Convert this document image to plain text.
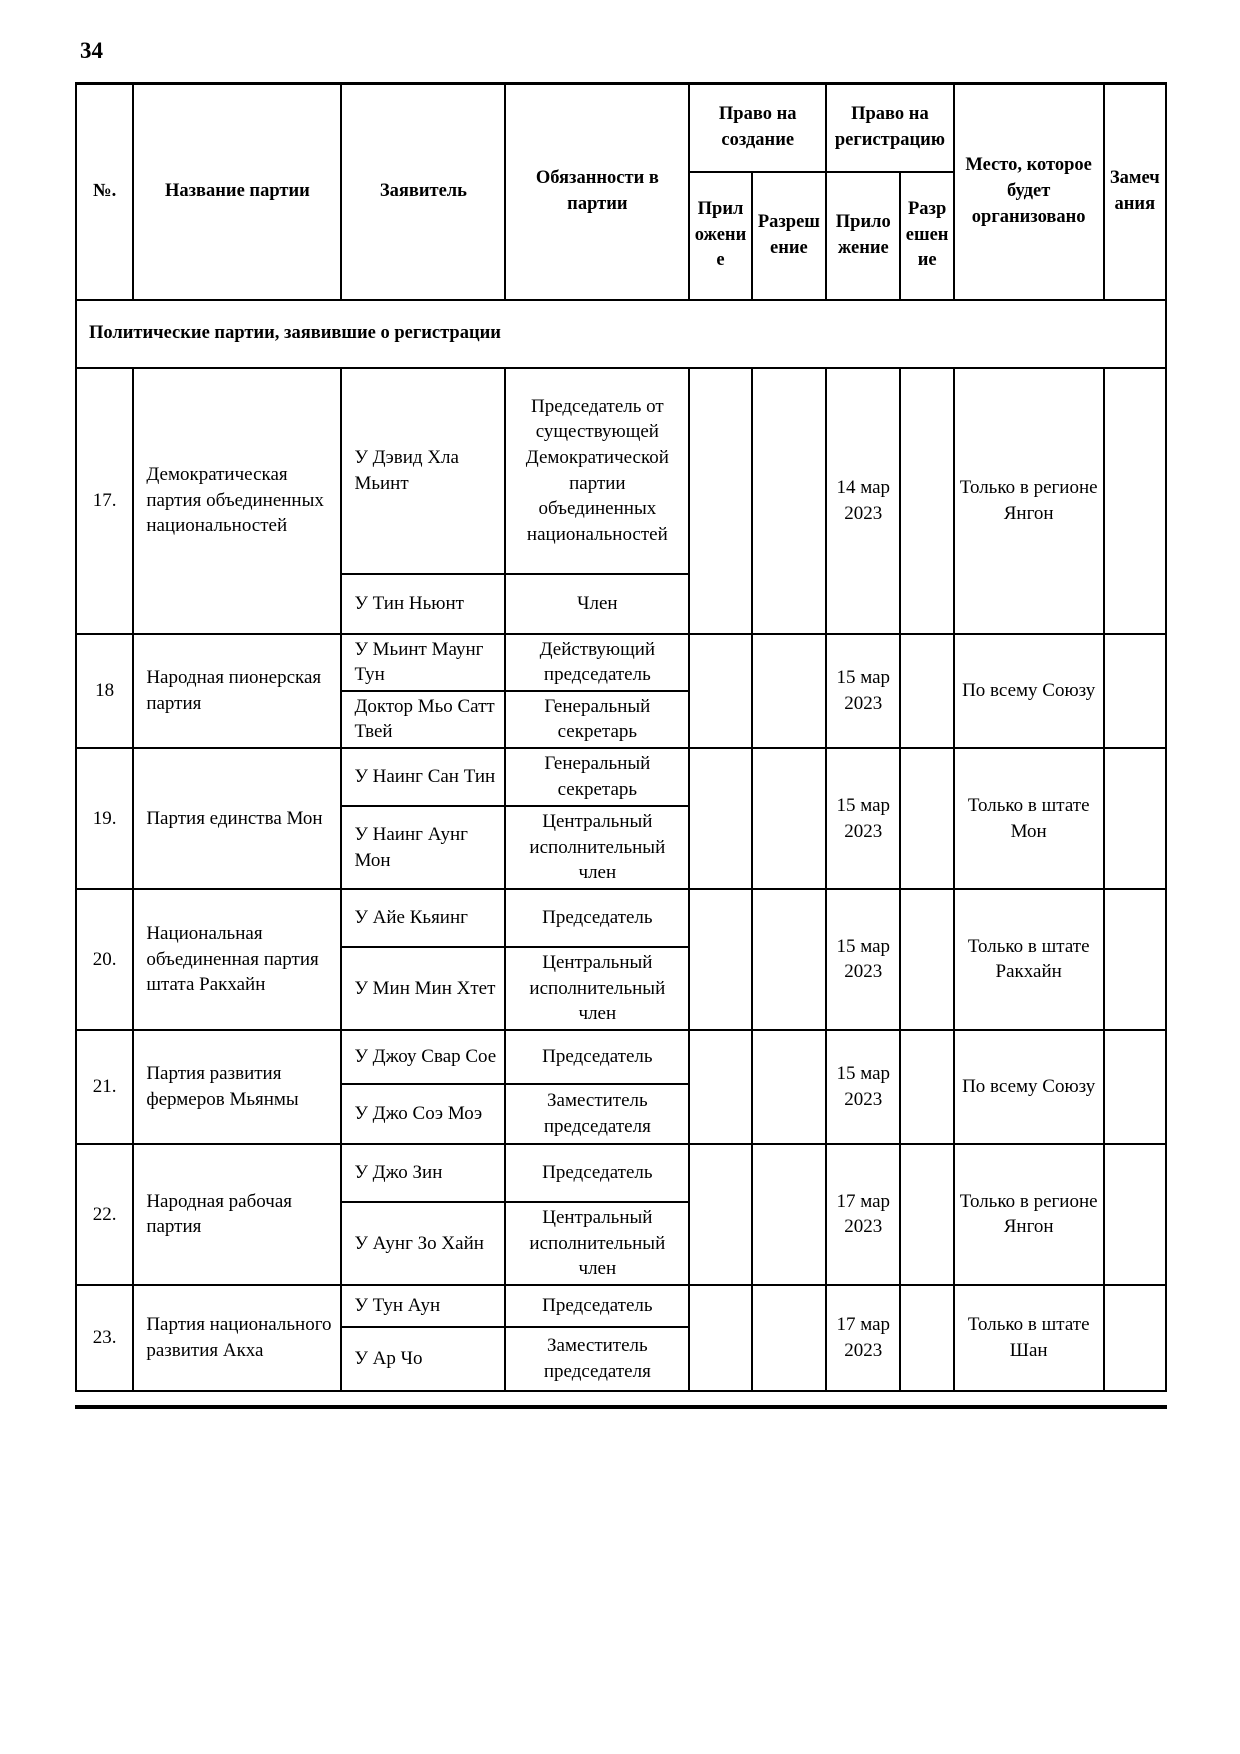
34
№.	Название партии	Заявитель	Обязанности в партии	Право на создание		Право на регистрацию		Место, которое будет организовано	Замечания
				Приложение	Разрешение	Приложение	Разрешение		
Политические партии, заявившие о регистрации									
17.	Демократическая партия объединенных национальностей	У Дэвид Хла Мьинт	Председатель от существующей Демократической партии объединенных национальностей			14 мар 2023		Только в регионе Янгон	
		У Тин Ньюнт	Член						
18	Народная пионерская партия	У Мьинт Маунг Тун	Действующий председатель			15 мар 2023		По всему Союзу	
		Доктор Мьо Сатт Твей	Генеральный секретарь						
19.	Партия единства Мон	У Наинг Сан Тин	Генеральный секретарь			15 мар 2023		Только в штате Мон	
		У Наинг Аунг Мон	Центральный исполнительный член						
20.	Национальная объединенная партия штата Ракхайн	У Айе Кьяинг	Председатель			15 мар 2023		Только в штате Ракхайн	
		У Мин Мин Хтет	Центральный исполнительный член						
21.	Партия развития фермеров Мьянмы	У Джоу Свар Сое	Председатель			15 мар 2023		По всему Союзу	
		У Джо Соэ Моэ	Заместитель председателя						
22.	Народная рабочая партия	У Джо Зин	Председатель			17 мар 2023		Только в регионе Янгон	
		У Аунг Зо Хайн	Центральный исполнительный член						
23.	Партия национального развития Акха	У Тун Аун	Председатель			17 мар 2023		Только в штате Шан	
		У Ар Чо	Заместитель председателя						
